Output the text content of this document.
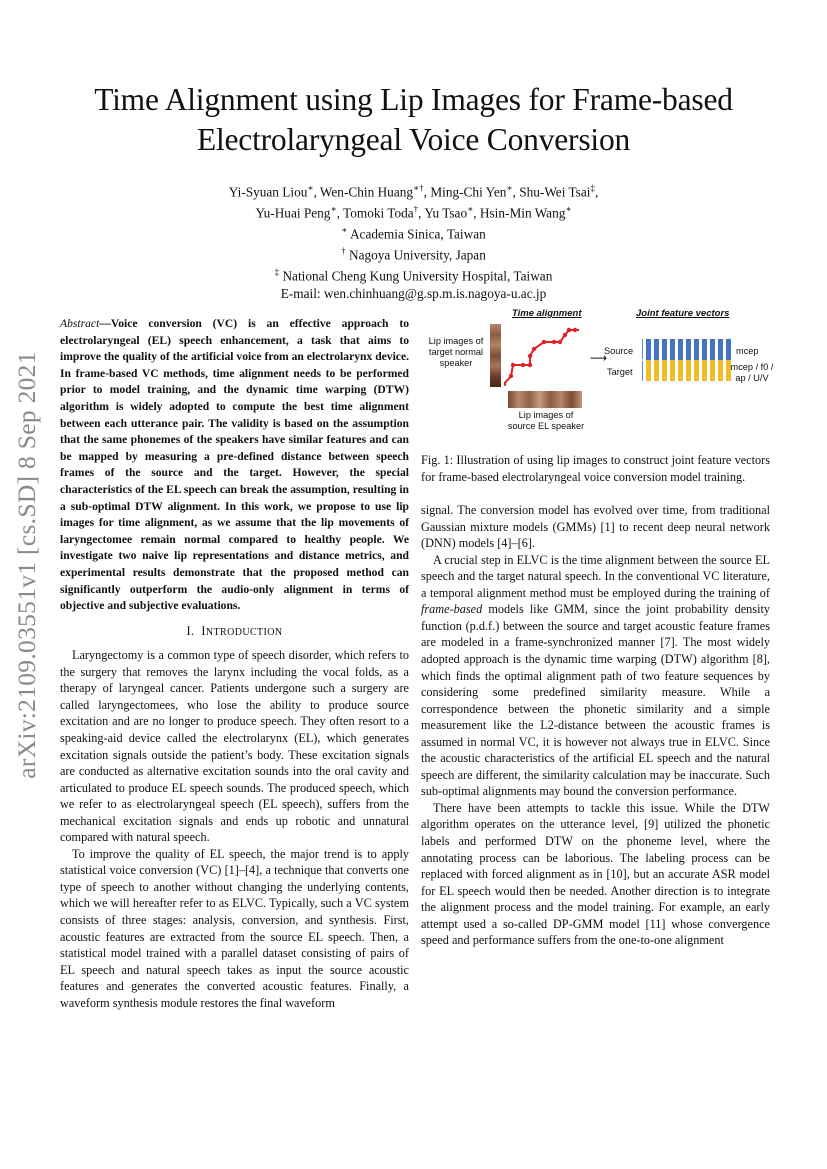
Time Alignment using Lip Images for Frame-based
Electrolaryngeal Voice Conversion
Yi-Syuan Liou∗, Wen-Chin Huang∗†, Ming-Chi Yen∗, Shu-Wei Tsai‡,
Yu-Huai Peng∗, Tomoki Toda†, Yu Tsao∗, Hsin-Min Wang∗
∗ Academia Sinica, Taiwan
† Nagoya University, Japan
‡ National Cheng Kung University Hospital, Taiwan
E-mail: wen.chinhuang@g.sp.m.is.nagoya-u.ac.jp
arXiv:2109.03551v1 [cs.SD] 8 Sep 2021
Abstract—Voice conversion (VC) is an effective approach to electrolaryngeal (EL) speech enhancement, a task that aims to improve the quality of the artificial voice from an electrolarynx device. In frame-based VC methods, time alignment needs to be performed prior to model training, and the dynamic time warping (DTW) algorithm is widely adopted to compute the best time alignment between each utterance pair. The validity is based on the assumption that the same phonemes of the speakers have similar features and can be mapped by measuring a pre-defined distance between speech frames of the source and the target. However, the special characteristics of the EL speech can break the assumption, resulting in a sub-optimal DTW alignment. In this work, we propose to use lip images for time alignment, as we assume that the lip movements of laryngectomee remain normal compared to healthy people. We investigate two naive lip representations and distance metrics, and experimental results demonstrate that the proposed method can significantly outperform the audio-only alignment in terms of objective and subjective evaluations.
I. INTRODUCTION

Laryngectomy is a common type of speech disorder, which refers to the surgery that removes the larynx including the vocal folds, as a therapy of laryngeal cancer. Patients undergone such a surgery are called laryngectomees, who lose the ability to produce source excitation and are no longer to produce speech. They often resort to a speaking-aid device called the electrolarynx (EL), which generates excitation signals outside the patient’s body. These excitation signals are conducted as alternative excitation sounds into the oral cavity and articulated to produce EL speech sounds. The produced speech, which we refer to as electrolaryngeal speech (EL speech), suffers from the mechanical excitation signals and ends up robotic and unnatural compared with natural speech.

To improve the quality of EL speech, the major trend is to apply statistical voice conversion (VC) [1]–[4], a technique that converts one type of speech to another without changing the underlying contents, which we will hereafter refer to as ELVC. Typically, such a VC system consists of three stages: analysis, conversion, and synthesis. First, acoustic features are extracted from the source EL speech. Then, a statistical model trained with a parallel dataset consisting of pairs of EL speech and natural speech takes as input the source acoustic features and generates the converted acoustic features. Finally, a waveform synthesis module restores the final waveform

Time alignment	Joint feature vectors
Lip images of target normal speaker
Lip images of source EL speaker
⟶
Source
Target
mcep
mcep / f0 / ap / U/V
Fig. 1: Illustration of using lip images to construct joint feature vectors for frame-based electrolaryngeal voice conversion model training.

signal. The conversion model has evolved over time, from traditional Gaussian mixture models (GMMs) [1] to recent deep neural network (DNN) models [4]–[6].

A crucial step in ELVC is the time alignment between the source EL speech and the target natural speech. In the conventional VC literature, a temporal alignment method must be employed during the training of frame-based models like GMM, since the joint probability density function (p.d.f.) between the source and target acoustic feature frames are modeled in a frame-synchronized manner [7]. The most widely adopted approach is the dynamic time warping (DTW) algorithm [8], which finds the optimal alignment path of two feature sequences by considering some predefined similarity measure. While a correspondence between the phonetic similarity and a simple measurement like the L2-distance between the acoustic frames is assumed in normal VC, it is however not always true in ELVC. Since the acoustic characteristics of the artificial EL speech and the natural speech are different, the similarity calculation may be inaccurate. Such sub-optimal alignments may bound the conversion performance.

There have been attempts to tackle this issue. While the DTW algorithm operates on the utterance level, [9] utilized the phonetic labels and performed DTW on the phoneme level, where the annotating process can be laborious. The labeling process can be replaced with forced alignment as in [10], but an accurate ASR model for EL speech would then be needed. Another direction is to integrate the alignment process and the model training. For example, an early attempt used a so-called DP-GMM model [11] whose convergence speed and performance suffers from the one-to-one alignment
